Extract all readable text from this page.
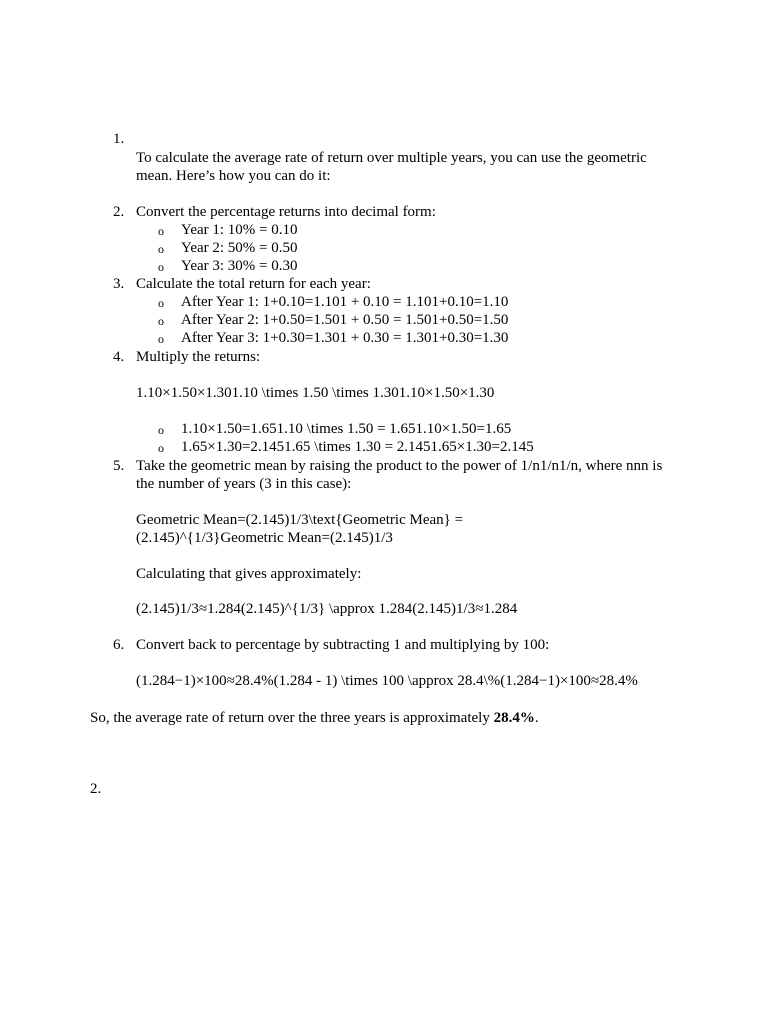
1.
To calculate the average rate of return over multiple years, you can use the geometric
mean. Here’s how you can do it:
2. Convert the percentage returns into decimal form:
o Year 1: 10% = 0.10
o Year 2: 50% = 0.50
o Year 3: 30% = 0.30
3. Calculate the total return for each year:
o After Year 1: 1+0.10=1.101 + 0.10 = 1.101+0.10=1.10
o After Year 2: 1+0.50=1.501 + 0.50 = 1.501+0.50=1.50
o After Year 3: 1+0.30=1.301 + 0.30 = 1.301+0.30=1.30
4. Multiply the returns:
1.10×1.50×1.301.10 \times 1.50 \times 1.301.10×1.50×1.30
o 1.10×1.50=1.651.10 \times 1.50 = 1.651.10×1.50=1.65
o 1.65×1.30=2.1451.65 \times 1.30 = 2.1451.65×1.30=2.145
5. Take the geometric mean by raising the product to the power of 1/n1/n1/n, where nnn is
the number of years (3 in this case):
Geometric Mean=(2.145)1/3\text{Geometric Mean} =
(2.145)^{1/3}Geometric Mean=(2.145)1/3
Calculating that gives approximately:
(2.145)1/3≈1.284(2.145)^{1/3} \approx 1.284(2.145)1/3≈1.284
6. Convert back to percentage by subtracting 1 and multiplying by 100:
(1.284−1)×100≈28.4%(1.284 - 1) \times 100 \approx 28.4\%(1.284−1)×100≈28.4%
So, the average rate of return over the three years is approximately 28.4%.
2.
